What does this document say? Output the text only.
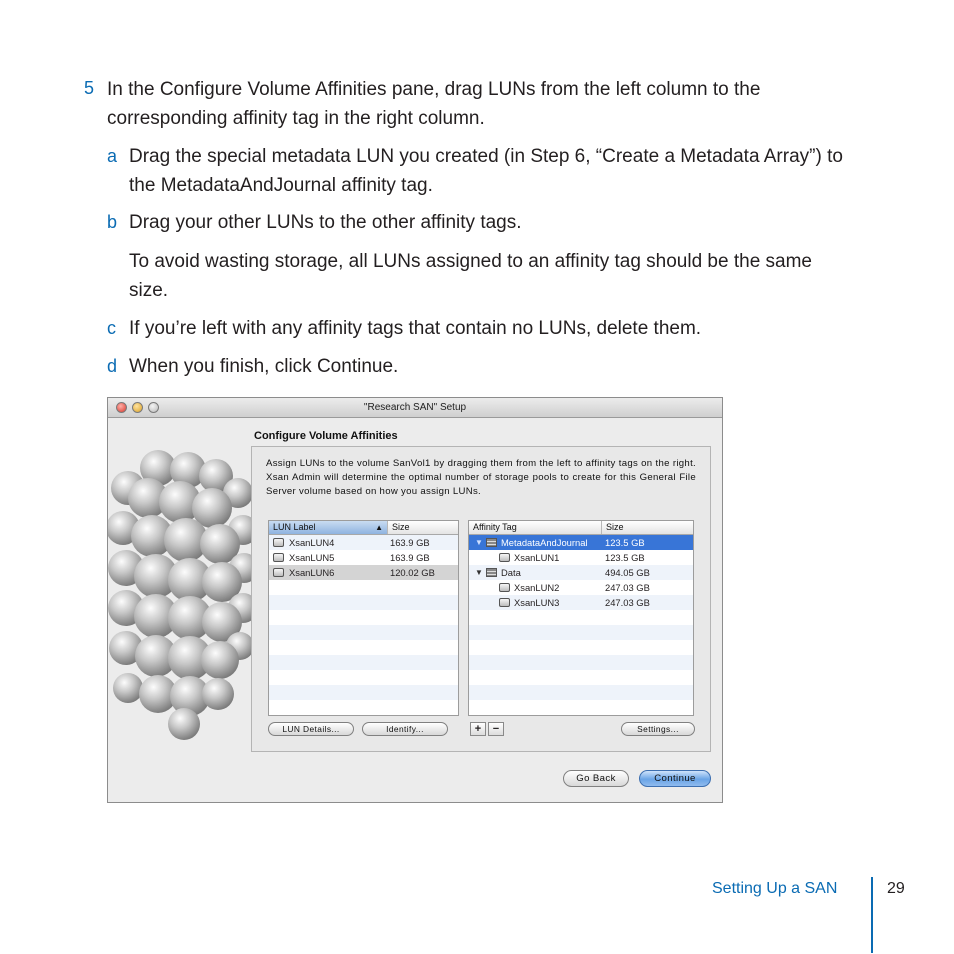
5 In the Configure Volume Affinities pane, drag LUNs from the left column to the
corresponding affinity tag in the right column.
a Drag the special metadata LUN you created (in Step 6, “Create a Metadata Array”) to
the MetadataAndJournal affinity tag.
b Drag your other LUNs to the other affinity tags.
To avoid wasting storage, all LUNs assigned to an affinity tag should be the same
size.
c If you’re left with any affinity tags that contain no LUNs, delete them.
d When you finish, click Continue.
"Research SAN" Setup
Configure Volume Affinities
Assign LUNs to the volume SanVol1 by dragging them from the left to affinity tags on the right. Xsan Admin will determine the optimal number of storage pools to create for this General File Server volume based on how you assign LUNs.
LUN Label	▲	Size
XsanLUN4	163.9 GB
XsanLUN5	163.9 GB
XsanLUN6	120.02 GB
Affinity Tag	Size
▼ MetadataAndJournal 123.5 GB
XsanLUN1	123.5 GB
▼ Data	494.05 GB
XsanLUN2	247.03 GB
XsanLUN3	247.03 GB
LUN Details...	Identify...	+	−	Settings...
Go Back	Continue
Setting Up a SAN	29
